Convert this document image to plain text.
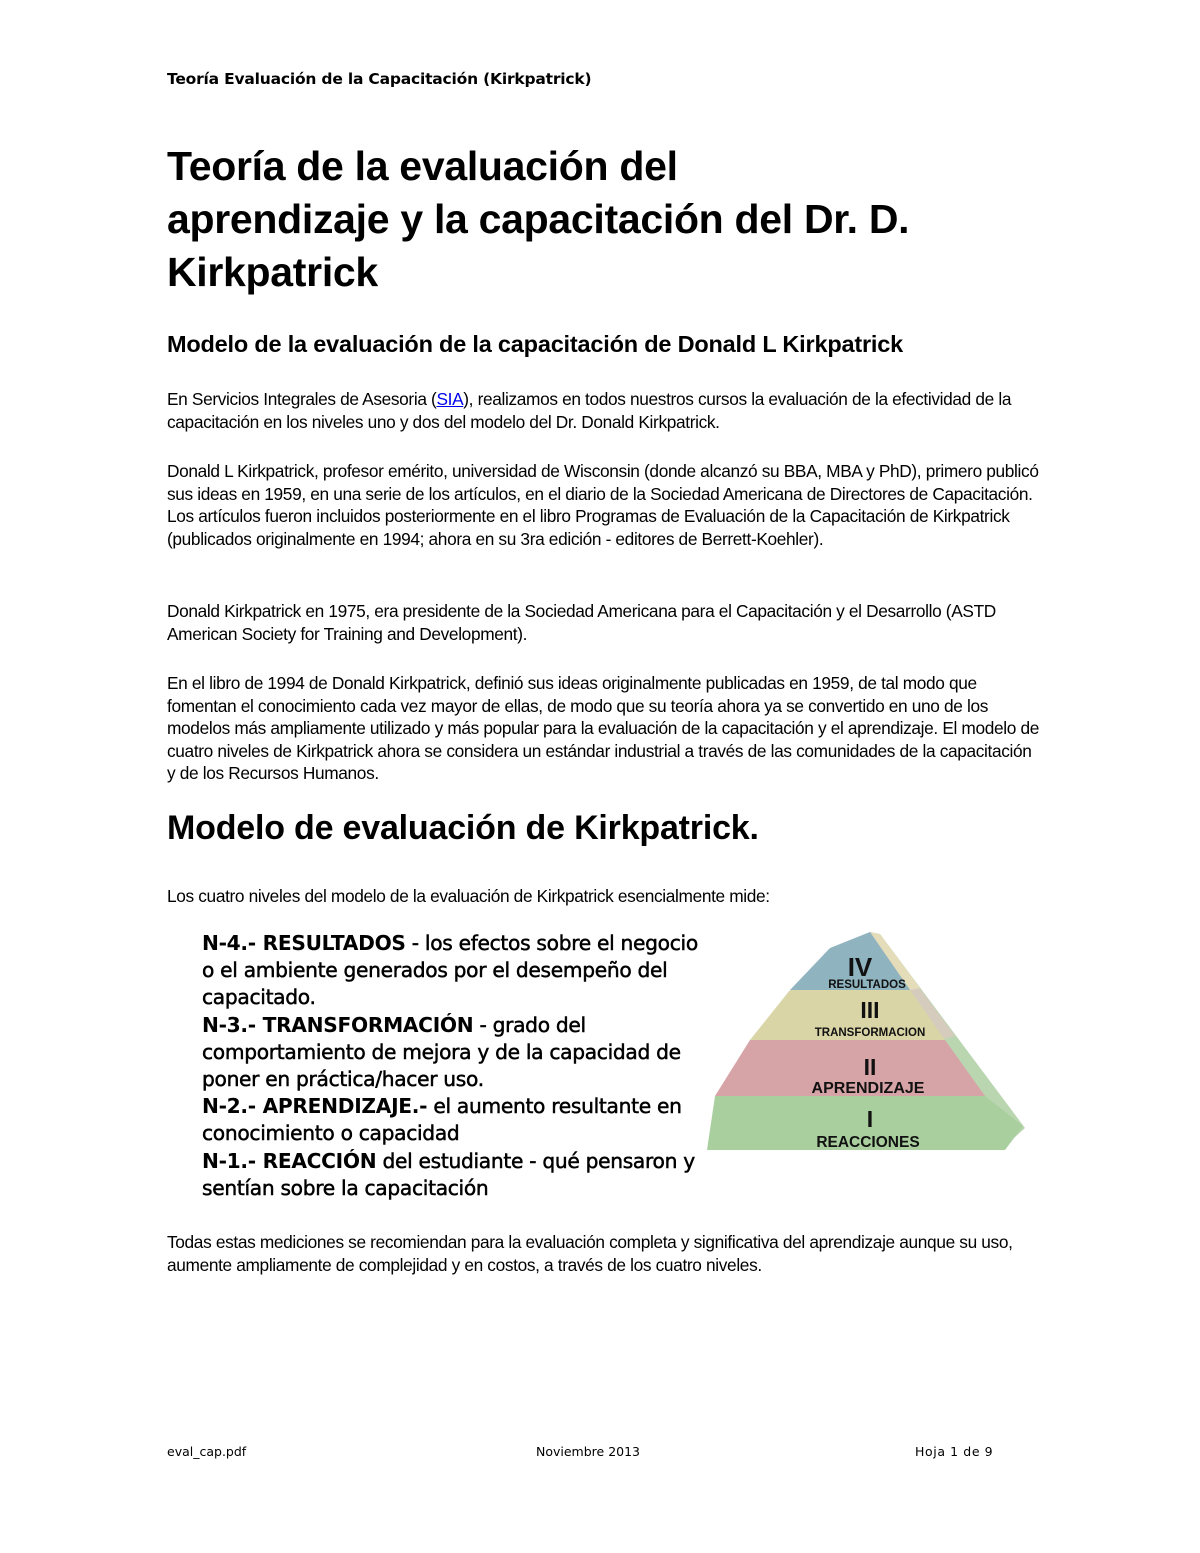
Teoría Evaluación de la Capacitación (Kirkpatrick)
Teoría de la evaluación del
aprendizaje y la capacitación del Dr. D.
Kirkpatrick
Modelo de la evaluación de la capacitación de Donald L Kirkpatrick
En Servicios Integrales de Asesoria (SIA), realizamos en todos nuestros cursos la evaluación de la efectividad de la capacitación en los niveles uno y dos del modelo del Dr. Donald Kirkpatrick.
Donald L Kirkpatrick, profesor emérito, universidad de Wisconsin (donde alcanzó su BBA, MBA y PhD), primero publicó sus ideas en 1959, en una serie de los artículos, en el diario de la Sociedad Americana de Directores de Capacitación. Los artículos fueron incluidos posteriormente en el libro Programas de Evaluación de la Capacitación de Kirkpatrick (publicados originalmente en 1994; ahora en su 3ra edición - editores de Berrett-Koehler).
Donald Kirkpatrick en 1975, era presidente de la Sociedad Americana para el Capacitación y el Desarrollo (ASTD American Society for Training and Development).
En el libro de 1994 de Donald Kirkpatrick, definió sus ideas originalmente publicadas en 1959, de tal modo que fomentan el conocimiento cada vez mayor de ellas, de modo que su teoría ahora ya se convertido en uno de los modelos más ampliamente utilizado y más popular para la evaluación de la capacitación y el aprendizaje. El modelo de cuatro niveles de Kirkpatrick ahora se considera un estándar industrial a través de las comunidades de la capacitación y de los Recursos Humanos.
Modelo de evaluación de Kirkpatrick.
Los cuatro niveles del modelo de la evaluación de Kirkpatrick esencialmente mide:
N-4.- RESULTADOS - los efectos sobre el negocio o el ambiente generados por el desempeño del capacitado.
N-3.- TRANSFORMACIÓN - grado del comportamiento de mejora y de la capacidad de poner en práctica/hacer uso.
N-2.- APRENDIZAJE.- el aumento resultante en conocimiento o capacidad
N-1.- REACCIÓN del estudiante - qué pensaron y sentían sobre la capacitación
IV
RESULTADOS
III
TRANSFORMACION
II
APRENDIZAJE
I
REACCIONES
Todas estas mediciones se recomiendan para la evaluación completa y significativa del aprendizaje aunque su uso, aumente ampliamente de complejidad y en costos, a través de los cuatro niveles.
eval_cap.pdf	Noviembre 2013	Hoja 1 de 9
